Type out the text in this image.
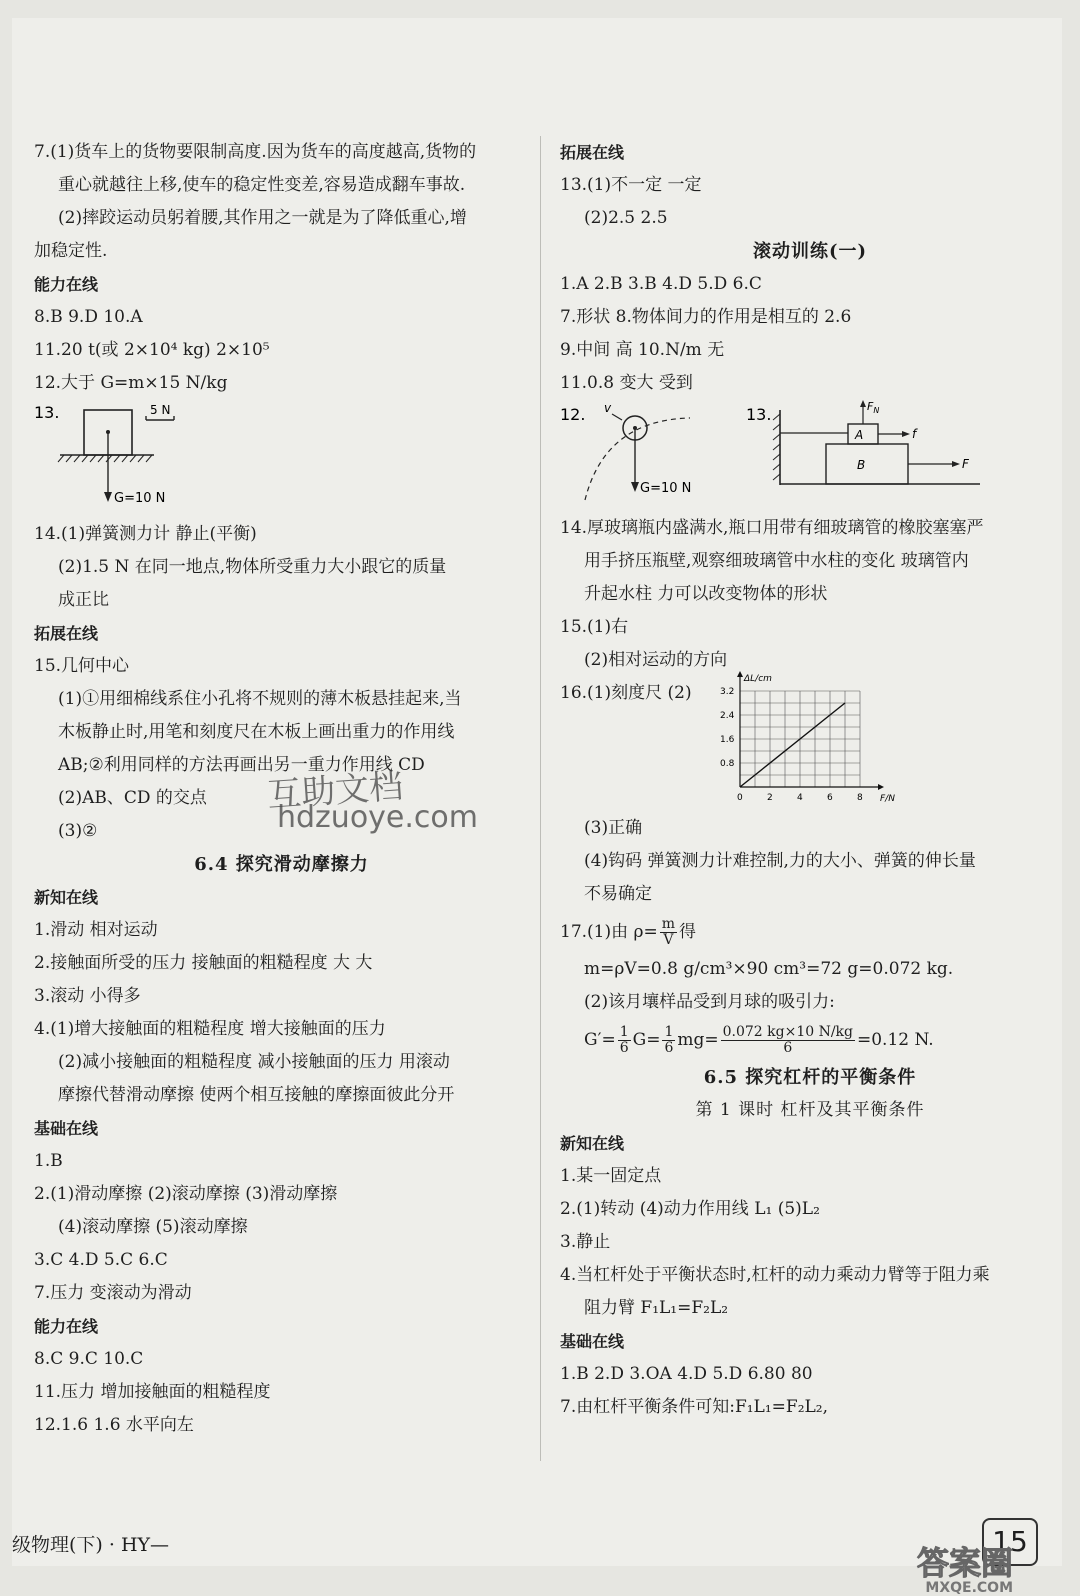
7.(1)货车上的货物要限制高度.因为货车的高度越高,货物的
重心就越往上移,使车的稳定性变差,容易造成翻车事故.
(2)摔跤运动员躬着腰,其作用之一就是为了降低重心,增
加稳定性.
能力在线
8.B 9.D 10.A
11.20 t(或 2×10⁴ kg) 2×10⁵
12.大于 G=m×15 N/kg
13.	5 N
G=10 N
14.(1)弹簧测力计 静止(平衡)
(2)1.5 N 在同一地点,物体所受重力大小跟它的质量
成正比
拓展在线
15.几何中心
(1)①用细棉线系住小孔将不规则的薄木板悬挂起来,当
木板静止时,用笔和刻度尺在木板上画出重力的作用线
AB;②利用同样的方法再画出另一重力作用线 CD
(2)AB、CD 的交点
(3)②
6.4 探究滑动摩擦力
新知在线
1.滑动 相对运动
2.接触面所受的压力 接触面的粗糙程度 大 大
3.滚动 小得多
4.(1)增大接触面的粗糙程度 增大接触面的压力
(2)减小接触面的粗糙程度 减小接触面的压力 用滚动
摩擦代替滑动摩擦 使两个相互接触的摩擦面彼此分开
基础在线
1.B
2.(1)滑动摩擦 (2)滚动摩擦 (3)滑动摩擦
(4)滚动摩擦 (5)滚动摩擦
3.C 4.D 5.C 6.C
7.压力 变滚动为滑动
能力在线
8.C 9.C 10.C
11.压力 增加接触面的粗糙程度
12.1.6 1.6 水平向左
拓展在线
13.(1)不一定 一定
(2)2.5 2.5
滚动训练(一)
1.A 2.B 3.B 4.D 5.D 6.C
7.形状 8.物体间力的作用是相互的 2.6
9.中间 高 10.N/m 无
11.0.8 变大 受到
12. v
G=10 N
13.
A
$F_N$
f
B	F
14.厚玻璃瓶内盛满水,瓶口用带有细玻璃管的橡胶塞塞严
用手挤压瓶壁,观察细玻璃管中水柱的变化 玻璃管内
升起水柱 力可以改变物体的形状
15.(1)右
(2)相对运动的方向
16.(1)刻度尺 (2)
0	2	4	6	8
0.8
1.6
2.4
3.2
ΔL/cm
F/N
(3)正确
(4)钩码 弹簧测力计难控制,力的大小、弹簧的伸长量
不易确定
17.(1)由 $\rho= \frac{m}{V}$ 得
m=ρV=0.8 g/cm³×90 cm³=72 g=0.072 kg.
(2)该月壤样品受到月球的吸引力:
$G'= \frac{1}{6} G= \frac{1}{6} mg= \frac{0.072 kg\times 10 N/kg}{6} =0.12$ N.
6.5 探究杠杆的平衡条件
第 1 课时 杠杆及其平衡条件
新知在线
1.某一固定点
2.(1)转动 (4)动力作用线 L₁ (5)L₂
3.静止
4.当杠杆处于平衡状态时,杠杆的动力乘动力臂等于阻力乘
阻力臂 F₁L₁=F₂L₂
基础在线
1.B 2.D 3.OA 4.D 5.D 6.80 80
7.由杠杆平衡条件可知:F₁L₁=F₂L₂,
互助文档
hdzuoye.com
级物理(下) · HY—	15
答案圈
MXQE.COM
